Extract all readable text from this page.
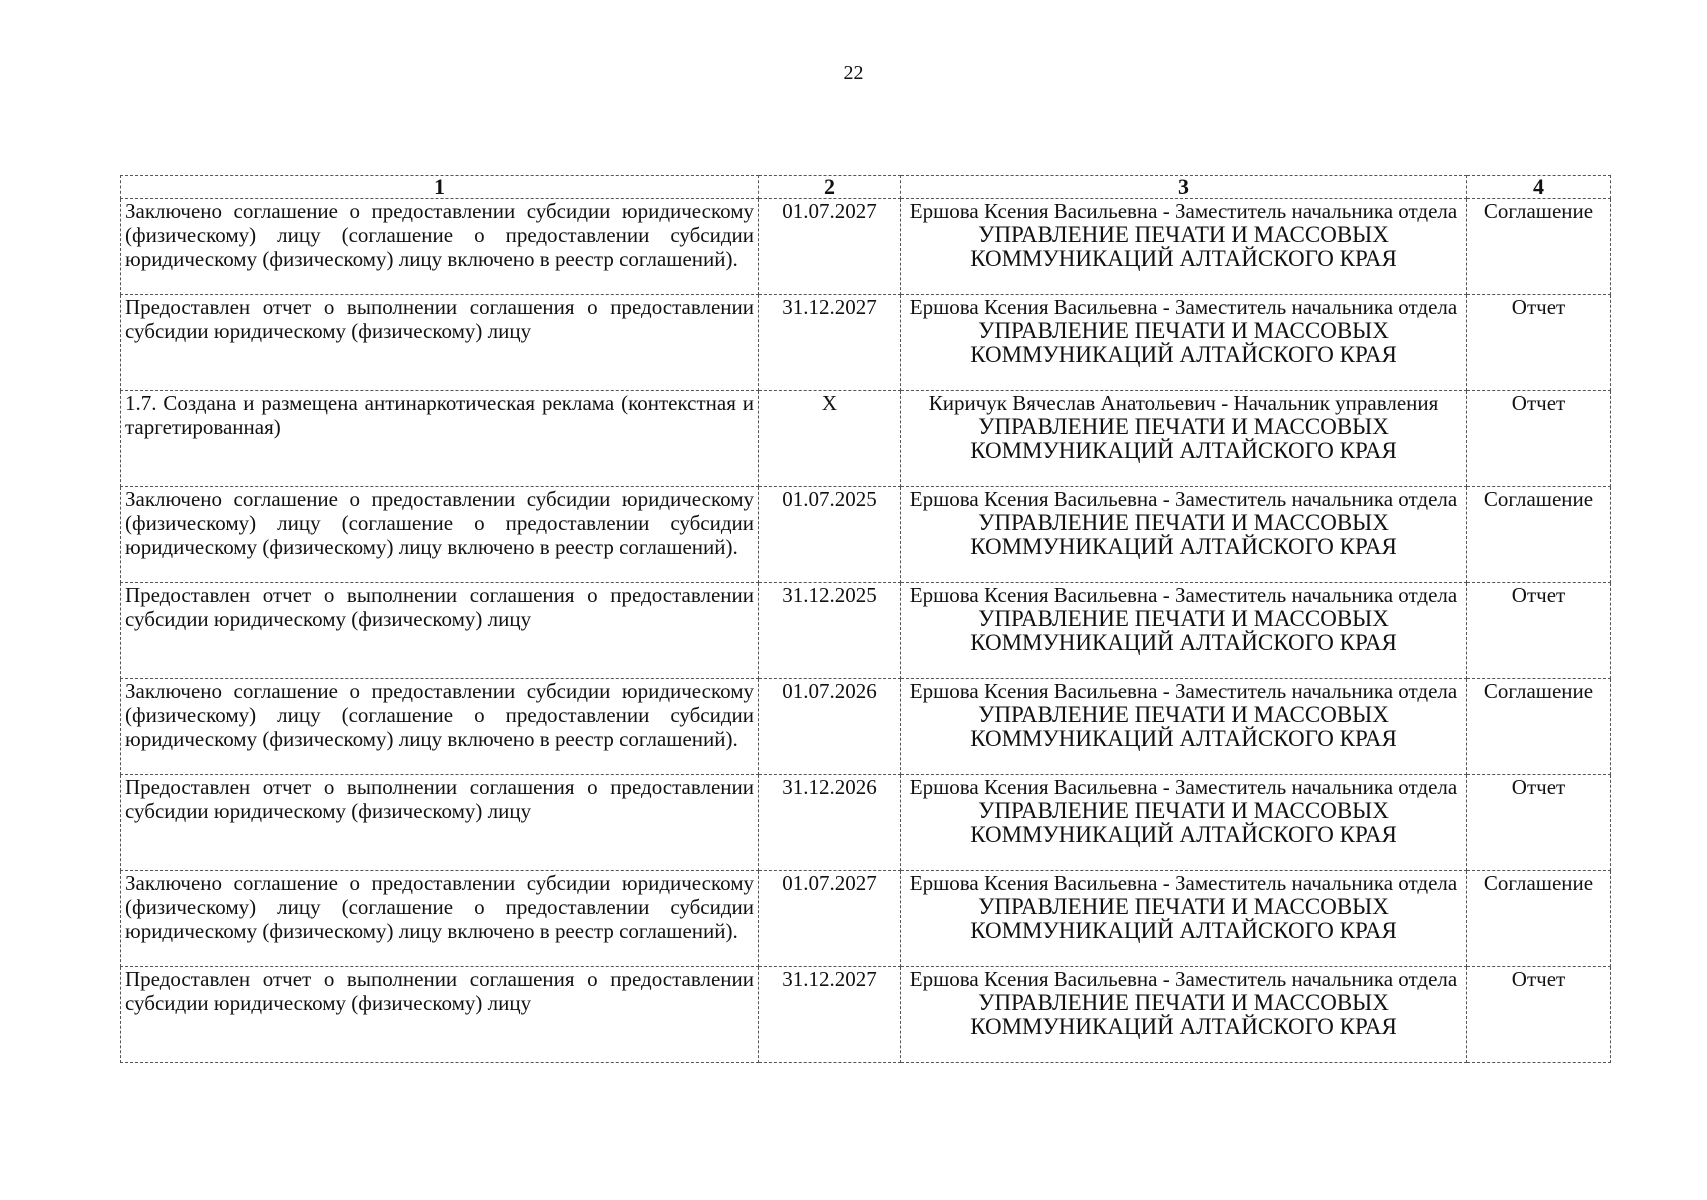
22
1	2	3	4
Заключено соглашение о предоставлении субсидии юридическому (физическому) лицу (соглашение о предоставлении субсидии юридическому (физическому) лицу включено в реестр соглашений).	01.07.2027	Ершова Ксения Васильевна - Заместитель начальника отдела
УПРАВЛЕНИЕ ПЕЧАТИ И МАССОВЫХ КОММУНИКАЦИЙ АЛТАЙСКОГО КРАЯ	Соглашение
Предоставлен отчет о выполнении соглашения о предоставлении субсидии юридическому (физическому) лицу	31.12.2027	Ершова Ксения Васильевна - Заместитель начальника отдела
УПРАВЛЕНИЕ ПЕЧАТИ И МАССОВЫХ КОММУНИКАЦИЙ АЛТАЙСКОГО КРАЯ	Отчет
1.7. Создана и размещена антинаркотическая реклама (контекстная и таргетированная)	Х	Киричук Вячеслав Анатольевич - Начальник управления
УПРАВЛЕНИЕ ПЕЧАТИ И МАССОВЫХ КОММУНИКАЦИЙ АЛТАЙСКОГО КРАЯ	Отчет
Заключено соглашение о предоставлении субсидии юридическому (физическому) лицу (соглашение о предоставлении субсидии юридическому (физическому) лицу включено в реестр соглашений).	01.07.2025	Ершова Ксения Васильевна - Заместитель начальника отдела
УПРАВЛЕНИЕ ПЕЧАТИ И МАССОВЫХ КОММУНИКАЦИЙ АЛТАЙСКОГО КРАЯ	Соглашение
Предоставлен отчет о выполнении соглашения о предоставлении субсидии юридическому (физическому) лицу	31.12.2025	Ершова Ксения Васильевна - Заместитель начальника отдела
УПРАВЛЕНИЕ ПЕЧАТИ И МАССОВЫХ КОММУНИКАЦИЙ АЛТАЙСКОГО КРАЯ	Отчет
Заключено соглашение о предоставлении субсидии юридическому (физическому) лицу (соглашение о предоставлении субсидии юридическому (физическому) лицу включено в реестр соглашений).	01.07.2026	Ершова Ксения Васильевна - Заместитель начальника отдела
УПРАВЛЕНИЕ ПЕЧАТИ И МАССОВЫХ КОММУНИКАЦИЙ АЛТАЙСКОГО КРАЯ	Соглашение
Предоставлен отчет о выполнении соглашения о предоставлении субсидии юридическому (физическому) лицу	31.12.2026	Ершова Ксения Васильевна - Заместитель начальника отдела
УПРАВЛЕНИЕ ПЕЧАТИ И МАССОВЫХ КОММУНИКАЦИЙ АЛТАЙСКОГО КРАЯ	Отчет
Заключено соглашение о предоставлении субсидии юридическому (физическому) лицу (соглашение о предоставлении субсидии юридическому (физическому) лицу включено в реестр соглашений).	01.07.2027	Ершова Ксения Васильевна - Заместитель начальника отдела
УПРАВЛЕНИЕ ПЕЧАТИ И МАССОВЫХ КОММУНИКАЦИЙ АЛТАЙСКОГО КРАЯ	Соглашение
Предоставлен отчет о выполнении соглашения о предоставлении субсидии юридическому (физическому) лицу	31.12.2027	Ершова Ксения Васильевна - Заместитель начальника отдела
УПРАВЛЕНИЕ ПЕЧАТИ И МАССОВЫХ КОММУНИКАЦИЙ АЛТАЙСКОГО КРАЯ	Отчет
